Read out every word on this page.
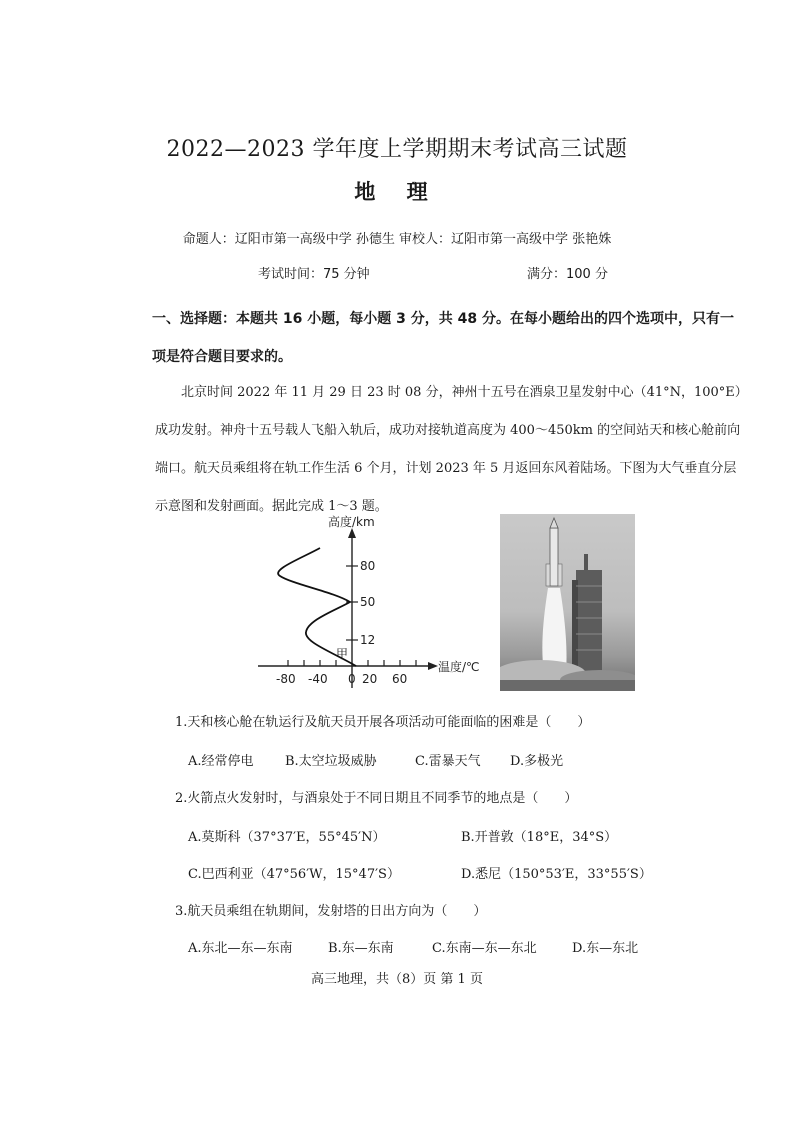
2022—2023 学年度上学期期末考试高三试题
地 理
命题人：辽阳市第一高级中学 孙德生 审校人：辽阳市第一高级中学 张艳姝
考试时间：75 分钟	满分：100 分
一、选择题：本题共 16 小题，每小题 3 分，共 48 分。在每小题给出的四个选项中，只有一项是符合题目要求的。
北京时间 2022 年 11 月 29 日 23 时 08 分，神州十五号在酒泉卫星发射中心（41°N，100°E）成功发射。神舟十五号载人飞船入轨后，成功对接轨道高度为 400～450km 的空间站天和核心舱前向端口。航天员乘组将在轨工作生活 6 个月，计划 2023 年 5 月返回东风着陆场。下图为大气垂直分层示意图和发射画面。据此完成 1～3 题。
高度/km
80
50
12
甲
-80 -40 0 20 60
温度/℃
1.天和核心舱在轨运行及航天员开展各项活动可能面临的困难是（　　）
A.经常停电 B.太空垃圾威胁	C.雷暴天气 D.多极光
2.火箭点火发射时，与酒泉处于不同日期且不同季节的地点是（　　）
A.莫斯科（37°37′E，55°45′N）	B.开普敦（18°E，34°S）
C.巴西利亚（47°56′W，15°47′S）	D.悉尼（150°53′E，33°55′S）
3.航天员乘组在轨期间，发射塔的日出方向为（　　）
A.东北—东—东南	B.东—东南	C.东南—东—东北	D.东—东北
高三地理，共（8）页 第 1 页
